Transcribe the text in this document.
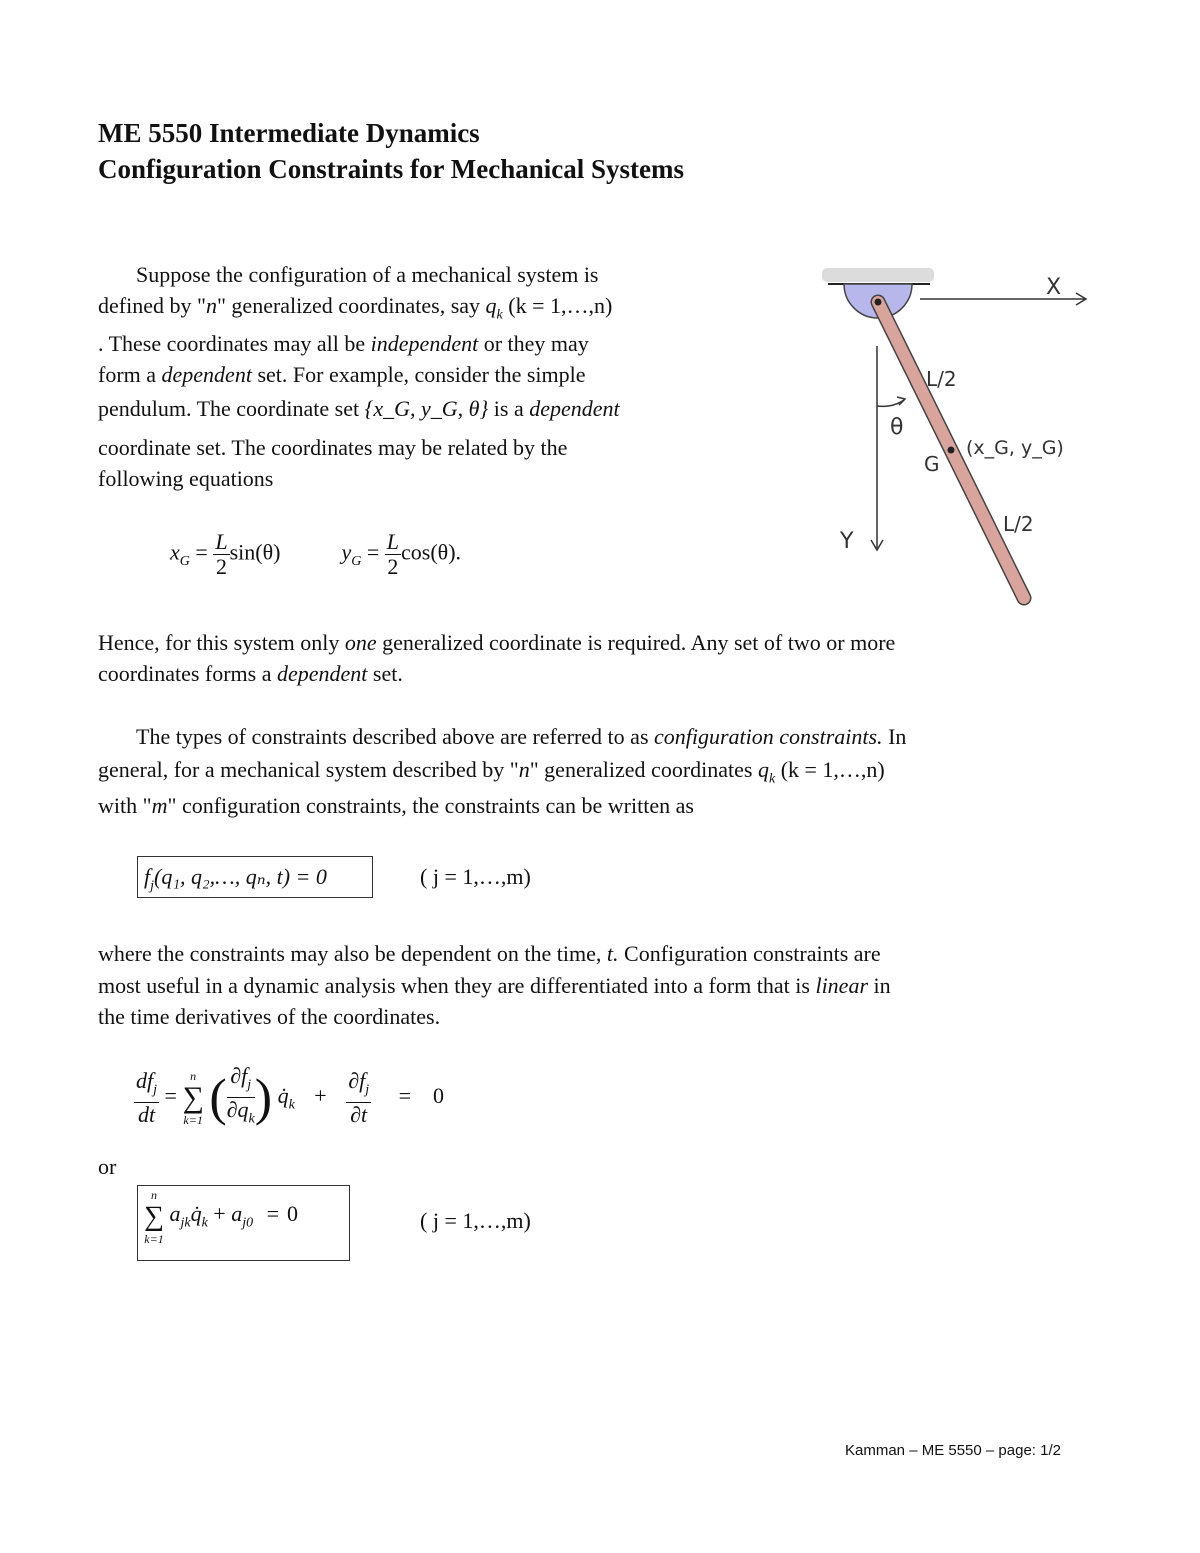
ME 5550 Intermediate Dynamics
Configuration Constraints for Mechanical Systems
Suppose the configuration of a mechanical system is
defined by "n" generalized coordinates, say $q_k$ (k = 1,…,n)
. These coordinates may all be independent or they may
form a dependent set. For example, consider the simple
pendulum. The coordinate set {x_G, y_G, θ} is a dependent
coordinate set. The coordinates may be related by the
following equations
$x_G = \frac{L}{2} \sin(\theta)$	$y_G = \frac{L}{2} \cos(\theta)$.
X
Y
θ
L/2
G
(x_G, y_G)
L/2
Hence, for this system only one generalized coordinate is required. Any set of two or more
coordinates forms a dependent set.
The types of constraints described above are referred to as configuration constraints. In
general, for a mechanical system described by "n" generalized coordinates $q_k$ (k = 1,…,n)
with "m" configuration constraints, the constraints can be written as
$f_j(q_1$, q₂,…, qₙ, t) = 0	( j = 1,…,m)
where the constraints may also be dependent on the time, t. Configuration constraints are
most useful in a dynamic analysis when they are differentiated into a form that is linear in
the time derivatives of the coordinates.
$\frac{df_j}{dt}$ =
n
∑
k=1 ( $\frac{\partial f_j}{\partial q_k}$ ) $q̇_k + \frac{\partial f_j}{\partial t} = 0$
or
n
∑
k=1
$a_{jk}q̇_k + a_{j0} = 0$	( j = 1,…,m)
Kamman – ME 5550 – page: 1/2
